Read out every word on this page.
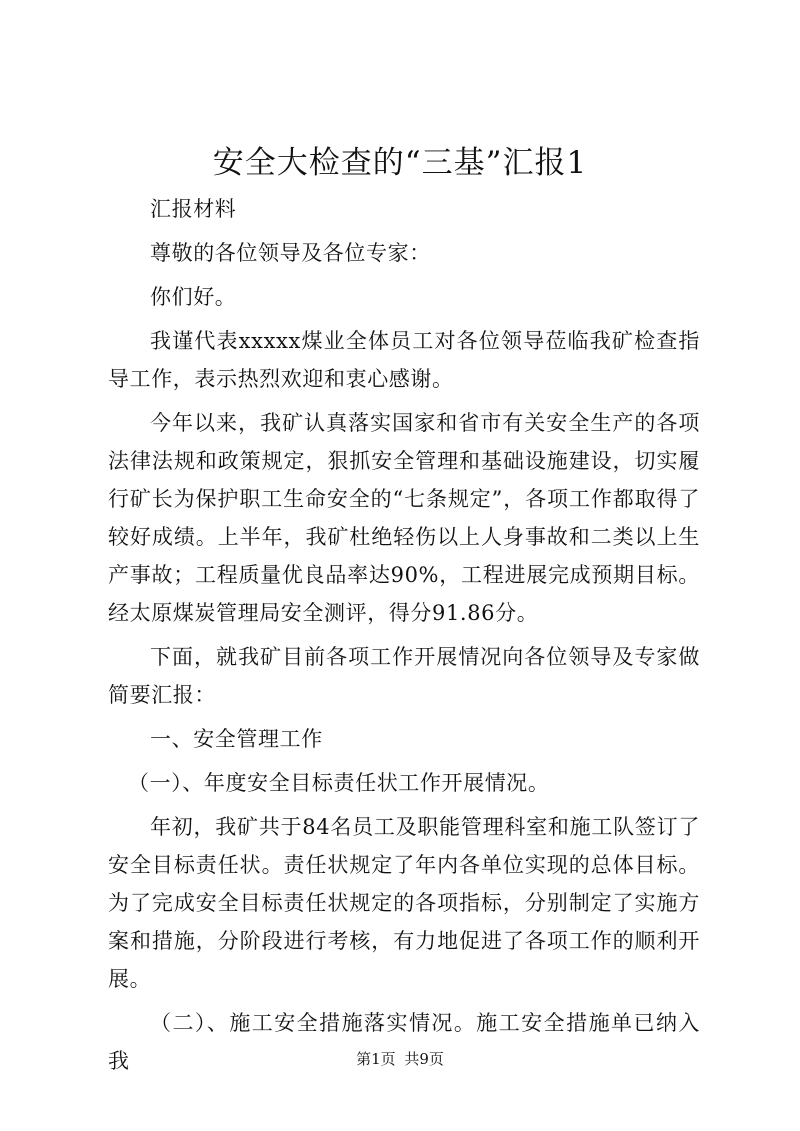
安全大检查的“三基”汇报1

汇报材料

尊敬的各位领导及各位专家：

你们好。

我谨代表xxxxx煤业全体员工对各位领导莅临我矿检查指导工作，表示热烈欢迎和衷心感谢。

今年以来，我矿认真落实国家和省市有关安全生产的各项法律法规和政策规定，狠抓安全管理和基础设施建设，切实履行矿长为保护职工生命安全的“七条规定”，各项工作都取得了较好成绩。上半年，我矿杜绝轻伤以上人身事故和二类以上生产事故；工程质量优良品率达90%，工程进展完成预期目标。经太原煤炭管理局安全测评，得分91.86分。

下面，就我矿目前各项工作开展情况向各位领导及专家做简要汇报：

一、安全管理工作

（一）、年度安全目标责任状工作开展情况。

年初，我矿共于84名员工及职能管理科室和施工队签订了安全目标责任状。责任状规定了年内各单位实现的总体目标。为了完成安全目标责任状规定的各项指标，分别制定了实施方案和措施，分阶段进行考核，有力地促进了各项工作的顺利开展。

（二）、施工安全措施落实情况。施工安全措施单已纳入我	第1页 共9页
